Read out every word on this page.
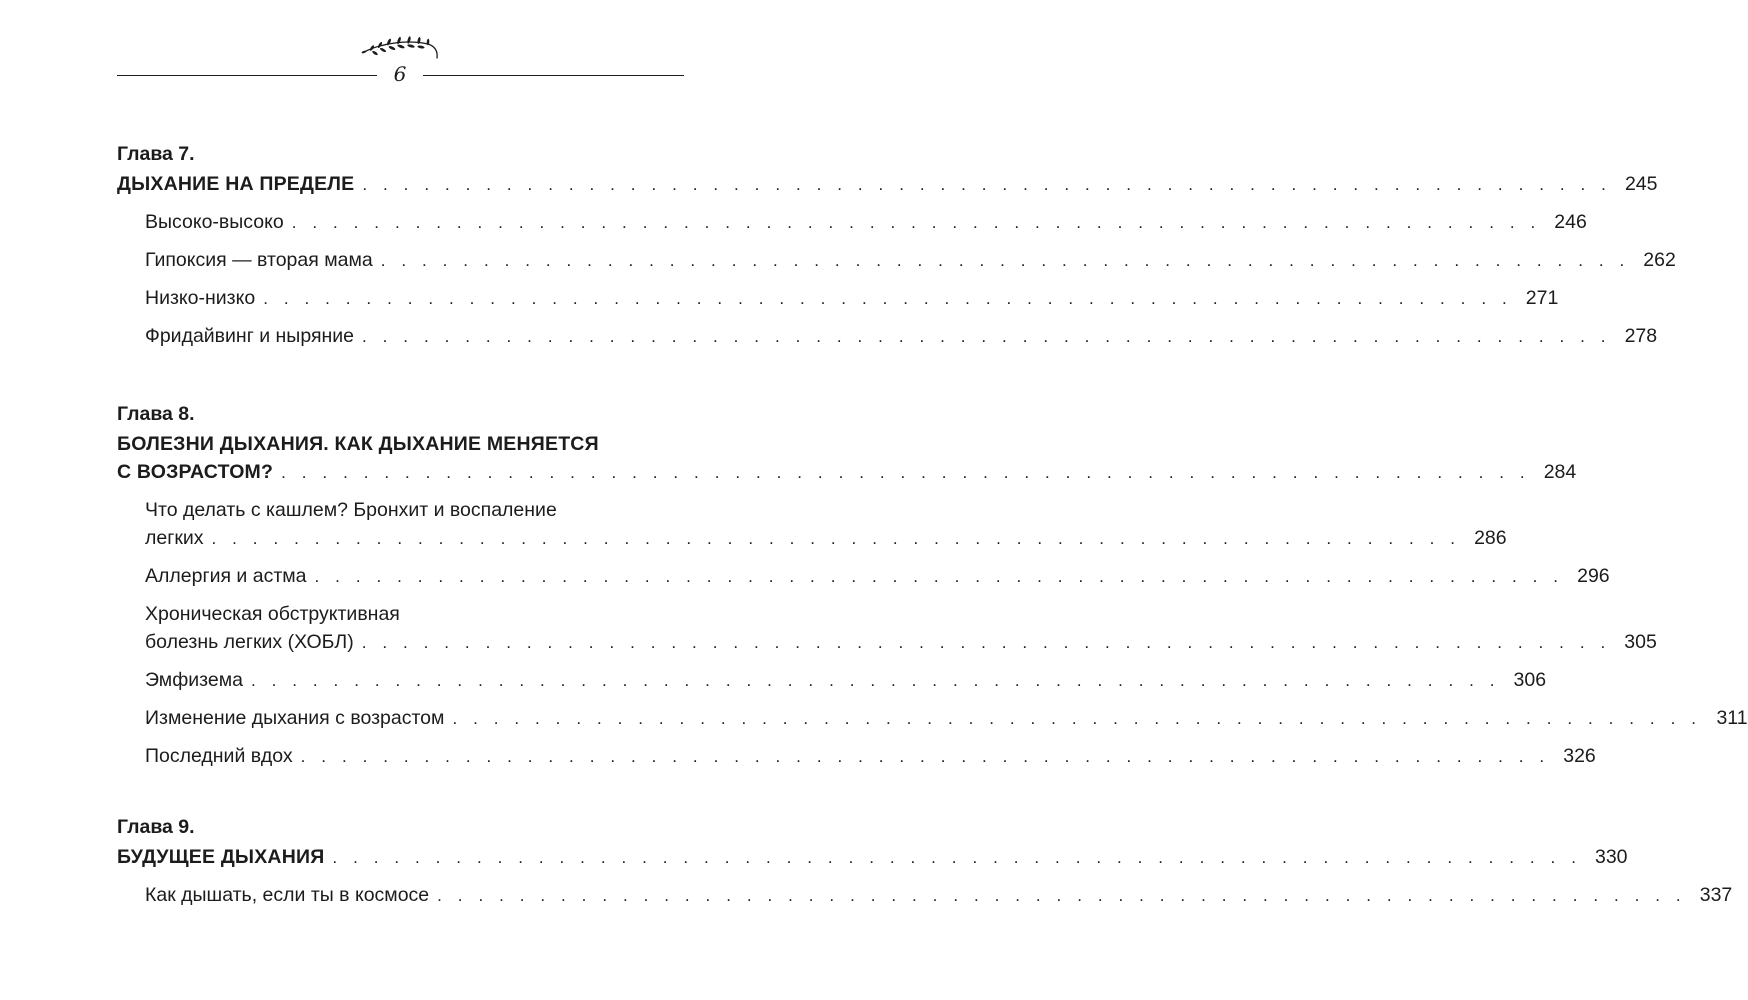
6
Глава 7.
ДЫХАНИЕ НА ПРЕДЕЛЕ . . . . . . . . . . . . . . . . . . . . . . . . . . . . . . . . . . . . . . . . . . . . . . . . . . . . . . . . . . . . . 245
Высоко-высоко . . . . . . . . . . . . . . . . . . . . . . . . . . . . . . . . . . . . . . . . . . . . . . . . . . . . . . . . . . . . . 246
Гипоксия — вторая мама . . . . . . . . . . . . . . . . . . . . . . . . . . . . . . . . . . . . . . . . . . . . . . . . . . . . . . . . . . . . . 262
Низко-низко . . . . . . . . . . . . . . . . . . . . . . . . . . . . . . . . . . . . . . . . . . . . . . . . . . . . . . . . . . . . . 271
Фридайвинг и ныряние . . . . . . . . . . . . . . . . . . . . . . . . . . . . . . . . . . . . . . . . . . . . . . . . . . . . . . . . . . . . . 278
Глава 8.
БОЛЕЗНИ ДЫХАНИЯ. КАК ДЫХАНИЕ МЕНЯЕТСЯ
С ВОЗРАСТОМ? . . . . . . . . . . . . . . . . . . . . . . . . . . . . . . . . . . . . . . . . . . . . . . . . . . . . . . . . . . . . . 284
Что делать с кашлем? Бронхит и воспаление
легких . . . . . . . . . . . . . . . . . . . . . . . . . . . . . . . . . . . . . . . . . . . . . . . . . . . . . . . . . . . . . 286
Аллергия и астма . . . . . . . . . . . . . . . . . . . . . . . . . . . . . . . . . . . . . . . . . . . . . . . . . . . . . . . . . . . . . 296
Хроническая обструктивная
болезнь легких (ХОБЛ) . . . . . . . . . . . . . . . . . . . . . . . . . . . . . . . . . . . . . . . . . . . . . . . . . . . . . . . . . . . . . 305
Эмфизема . . . . . . . . . . . . . . . . . . . . . . . . . . . . . . . . . . . . . . . . . . . . . . . . . . . . . . . . . . . . . 306
Изменение дыхания с возрастом . . . . . . . . . . . . . . . . . . . . . . . . . . . . . . . . . . . . . . . . . . . . . . . . . . . . . . . . . . . . . 311
Последний вдох . . . . . . . . . . . . . . . . . . . . . . . . . . . . . . . . . . . . . . . . . . . . . . . . . . . . . . . . . . . . . 326
Глава 9.
БУДУЩЕЕ ДЫХАНИЯ . . . . . . . . . . . . . . . . . . . . . . . . . . . . . . . . . . . . . . . . . . . . . . . . . . . . . . . . . . . . . 330
Как дышать, если ты в космосе . . . . . . . . . . . . . . . . . . . . . . . . . . . . . . . . . . . . . . . . . . . . . . . . . . . . . . . . . . . . . 337
